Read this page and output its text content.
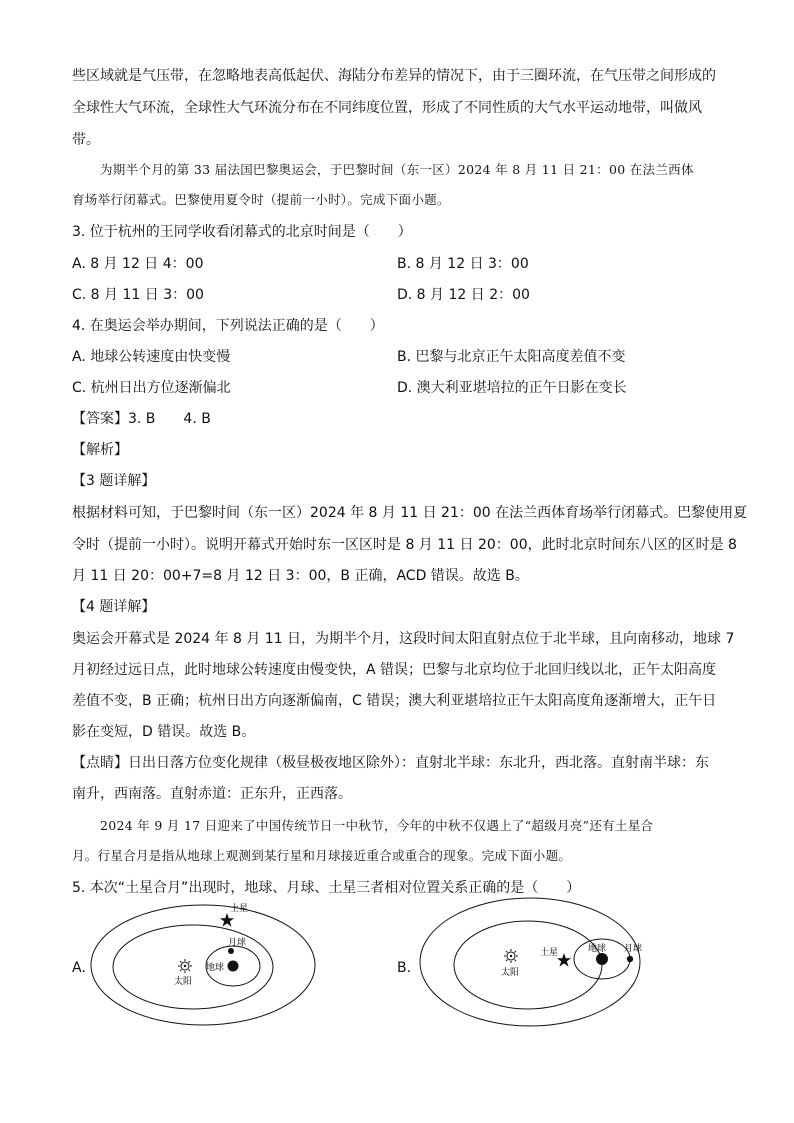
些区域就是气压带，在忽略地表高低起伏、海陆分布差异的情况下，由于三圈环流，在气压带之间形成的
全球性大气环流，全球性大气环流分布在不同纬度位置，形成了不同性质的大气水平运动地带，叫做风
带。
为期半个月的第 33 届法国巴黎奥运会，于巴黎时间（东一区）2024 年 8 月 11 日 21：00 在法兰西体
育场举行闭幕式。巴黎使用夏令时（提前一小时）。完成下面小题。
3. 位于杭州的王同学收看闭幕式的北京时间是（　　）
A. 8 月 12 日 4：00	B. 8 月 12 日 3：00
C. 8 月 11 日 3：00	D. 8 月 12 日 2：00
4. 在奥运会举办期间，下列说法正确的是（　　）
A. 地球公转速度由快变慢	B. 巴黎与北京正午太阳高度差值不变
C. 杭州日出方位逐渐偏北	D. 澳大利亚堪培拉的正午日影在变长
【答案】3. B　　4. B
【解析】
【3 题详解】
根据材料可知，于巴黎时间（东一区）2024 年 8 月 11 日 21：00 在法兰西体育场举行闭幕式。巴黎使用夏
令时（提前一小时）。说明开幕式开始时东一区区时是 8 月 11 日 20：00，此时北京时间东八区的区时是 8
月 11 日 20：00+7=8 月 12 日 3：00，B 正确，ACD 错误。故选 B。
【4 题详解】
奥运会开幕式是 2024 年 8 月 11 日，为期半个月，这段时间太阳直射点位于北半球，且向南移动，地球 7
月初经过远日点，此时地球公转速度由慢变快，A 错误；巴黎与北京均位于北回归线以北，正午太阳高度
差值不变，B 正确；杭州日出方向逐渐偏南，C 错误；澳大利亚堪培拉正午太阳高度角逐渐增大，正午日
影在变短，D 错误。故选 B。
【点睛】日出日落方位变化规律（极昼极夜地区除外）：直射北半球：东北升，西北落。直射南半球：东
南升，西南落。直射赤道：正东升，正西落。
2024 年 9 月 17 日迎来了中国传统节日一中秋节，今年的中秋不仅遇上了“超级月亮”还有土星合
月。行星合月是指从地球上观测到某行星和月球接近重合或重合的现象。完成下面小题。
5. 本次“土星合月”出现时，地球、月球、土星三者相对位置关系正确的是（　　）
A.
太阳
地球
月球
土星
B.	太阳
土星	地球 月球
